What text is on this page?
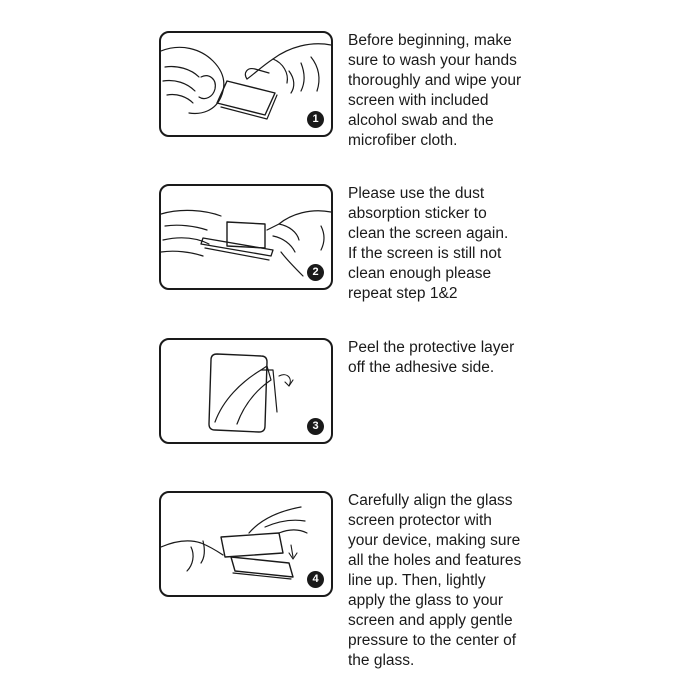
1

Before beginning, make
sure to wash your hands
thoroughly and wipe your
screen with included
alcohol swab and the
microfiber cloth.

2

Please use the dust
absorption sticker to
clean the screen again.
If the screen is still not
clean enough please
repeat step 1&2

3

Peel the protective layer
off the adhesive side.

4

Carefully align the glass
screen protector with
your device, making sure
all the holes and features
line up. Then, lightly
apply the glass to your
screen and apply gentle
pressure to the center of
the glass.
